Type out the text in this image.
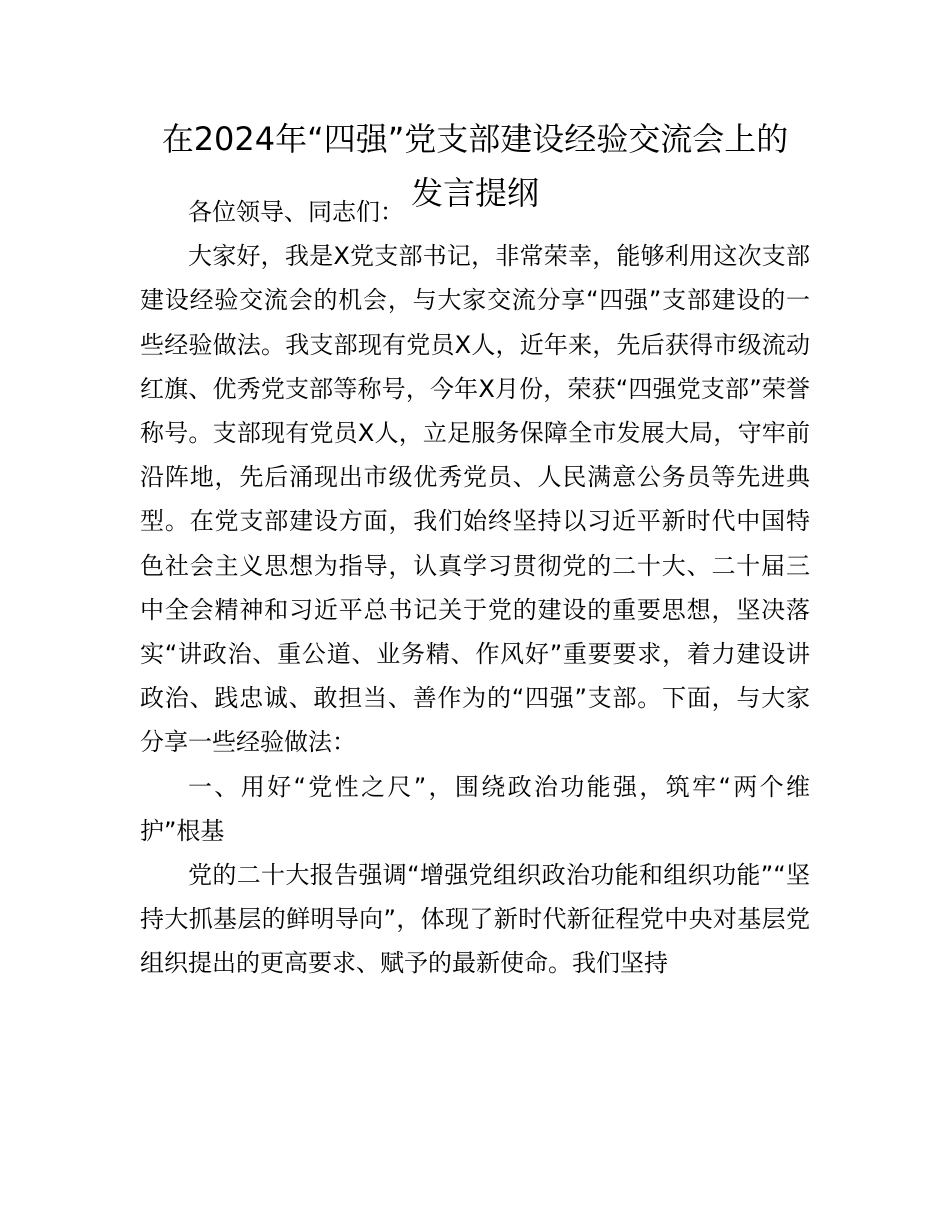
在2024年“四强”党支部建设经验交流会上的
发言提纲

各位领导、同志们：

大家好，我是X党支部书记，非常荣幸，能够利用这次支部建设经验交流会的机会，与大家交流分享“四强”支部建设的一些经验做法。我支部现有党员X人，近年来，先后获得市级流动红旗、优秀党支部等称号，今年X月份，荣获“四强党支部”荣誉称号。支部现有党员X人，立足服务保障全市发展大局，守牢前沿阵地，先后涌现出市级优秀党员、人民满意公务员等先进典型。在党支部建设方面，我们始终坚持以习近平新时代中国特色社会主义思想为指导，认真学习贯彻党的二十大、二十届三中全会精神和习近平总书记关于党的建设的重要思想，坚决落实“讲政治、重公道、业务精、作风好”重要要求，着力建设讲政治、践忠诚、敢担当、善作为的“四强”支部。下面，与大家分享一些经验做法：

一、用好“党性之尺”，围绕政治功能强，筑牢“两个维护”根基

党的二十大报告强调“增强党组织政治功能和组织功能”“坚持大抓基层的鲜明导向”，体现了新时代新征程党中央对基层党组织提出的更高要求、赋予的最新使命。我们坚持
